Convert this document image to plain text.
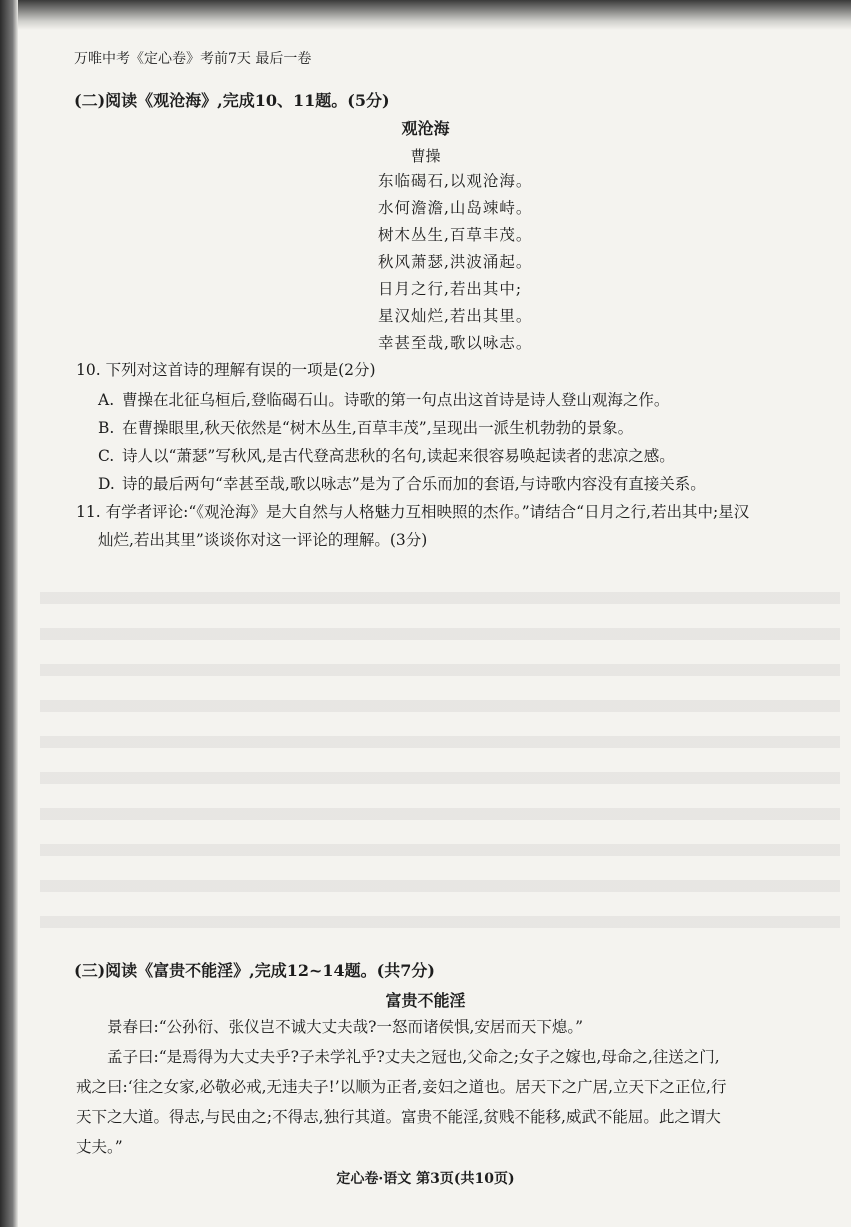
万唯中考《定心卷》考前7天 最后一卷
(二)阅读《观沧海》,完成10、11题。(5分)
观沧海
曹操
东临碣石,以观沧海。
水何澹澹,山岛竦峙。
树木丛生,百草丰茂。
秋风萧瑟,洪波涌起。
日月之行,若出其中;
星汉灿烂,若出其里。
幸甚至哉,歌以咏志。
10. 下列对这首诗的理解有误的一项是(2分)
A. 曹操在北征乌桓后,登临碣石山。诗歌的第一句点出这首诗是诗人登山观海之作。
B. 在曹操眼里,秋天依然是“树木丛生,百草丰茂”,呈现出一派生机勃勃的景象。
C. 诗人以“萧瑟”写秋风,是古代登高悲秋的名句,读起来很容易唤起读者的悲凉之感。
D. 诗的最后两句“幸甚至哉,歌以咏志”是为了合乐而加的套语,与诗歌内容没有直接关系。
11. 有学者评论:“《观沧海》是大自然与人格魅力互相映照的杰作。”请结合“日月之行,若出其中;星汉
灿烂,若出其里”谈谈你对这一评论的理解。(3分)
(三)阅读《富贵不能淫》,完成12~14题。(共7分)
富贵不能淫
景春曰:“公孙衍、张仪岂不诚大丈夫哉?一怒而诸侯惧,安居而天下熄。”
孟子曰:“是焉得为大丈夫乎?子未学礼乎?丈夫之冠也,父命之;女子之嫁也,母命之,往送之门,
戒之曰:‘往之女家,必敬必戒,无违夫子!’以顺为正者,妾妇之道也。居天下之广居,立天下之正位,行
天下之大道。得志,与民由之;不得志,独行其道。富贵不能淫,贫贱不能移,威武不能屈。此之谓大
丈夫。”
定心卷·语文 第3页(共10页)
